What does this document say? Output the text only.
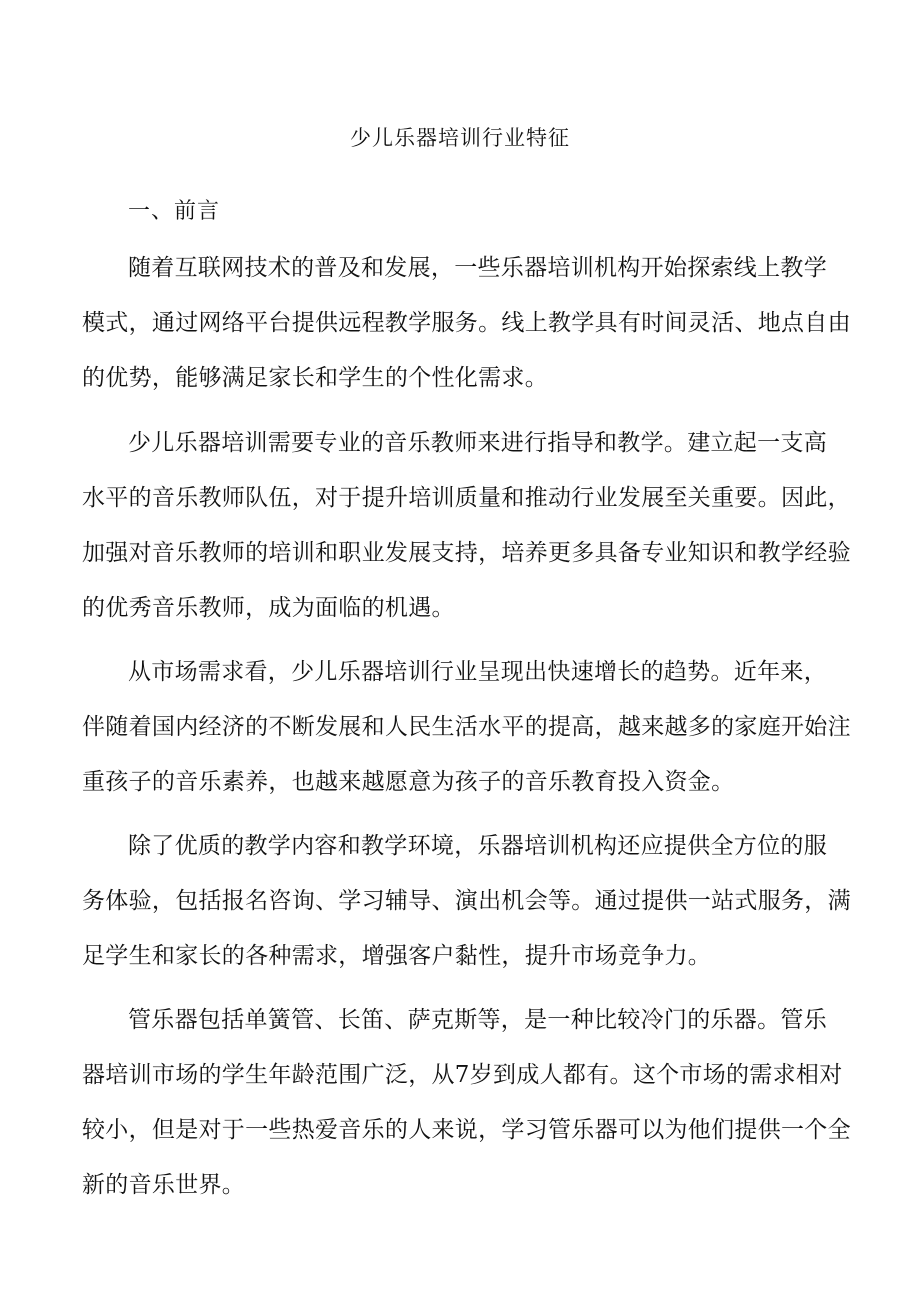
少儿乐器培训行业特征
一、前言
随着互联网技术的普及和发展，一些乐器培训机构开始探索线上教学
模式，通过网络平台提供远程教学服务。线上教学具有时间灵活、地点自由
的优势，能够满足家长和学生的个性化需求。
少儿乐器培训需要专业的音乐教师来进行指导和教学。建立起一支高
水平的音乐教师队伍，对于提升培训质量和推动行业发展至关重要。因此，
加强对音乐教师的培训和职业发展支持，培养更多具备专业知识和教学经验
的优秀音乐教师，成为面临的机遇。
从市场需求看，少儿乐器培训行业呈现出快速增长的趋势。近年来，
伴随着国内经济的不断发展和人民生活水平的提高，越来越多的家庭开始注
重孩子的音乐素养，也越来越愿意为孩子的音乐教育投入资金。
除了优质的教学内容和教学环境，乐器培训机构还应提供全方位的服
务体验，包括报名咨询、学习辅导、演出机会等。通过提供一站式服务，满
足学生和家长的各种需求，增强客户黏性，提升市场竞争力。
管乐器包括单簧管、长笛、萨克斯等，是一种比较冷门的乐器。管乐
器培训市场的学生年龄范围广泛，从7岁到成人都有。这个市场的需求相对
较小，但是对于一些热爱音乐的人来说，学习管乐器可以为他们提供一个全
新的音乐世界。
